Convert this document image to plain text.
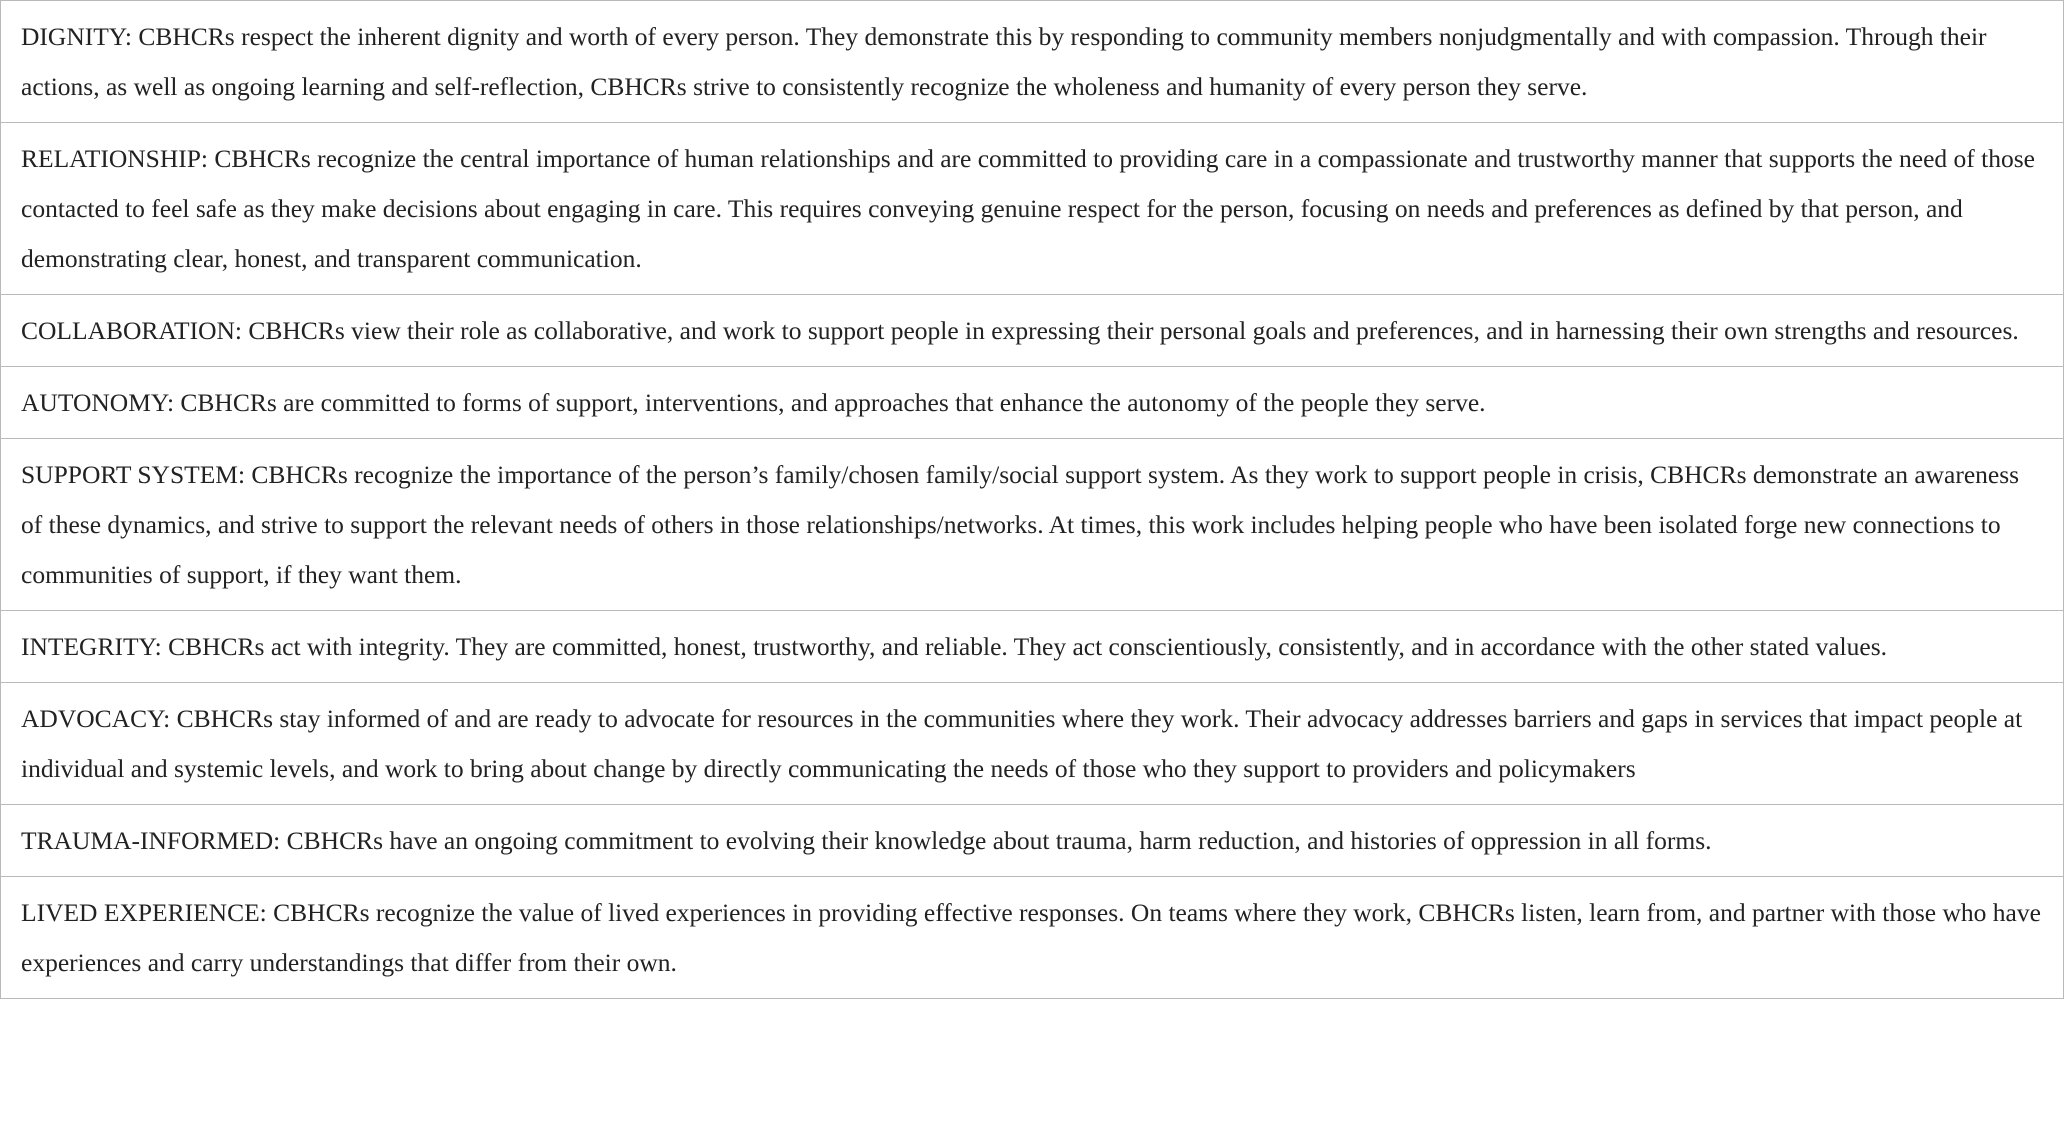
DIGNITY: CBHCRs respect the inherent dignity and worth of every person. They demonstrate this by responding to community members nonjudgmentally and with compassion. Through their actions, as well as ongoing learning and self-reflection, CBHCRs strive to consistently recognize the wholeness and humanity of every person they serve.
RELATIONSHIP: CBHCRs recognize the central importance of human relationships and are committed to providing care in a compassionate and trustworthy manner that supports the need of those contacted to feel safe as they make decisions about engaging in care. This requires conveying genuine respect for the person, focusing on needs and preferences as defined by that person, and demonstrating clear, honest, and transparent communication.
COLLABORATION: CBHCRs view their role as collaborative, and work to support people in expressing their personal goals and preferences, and in harnessing their own strengths and resources.
AUTONOMY: CBHCRs are committed to forms of support, interventions, and approaches that enhance the autonomy of the people they serve.
SUPPORT SYSTEM: CBHCRs recognize the importance of the person’s family/chosen family/social support system. As they work to support people in crisis, CBHCRs demonstrate an awareness of these dynamics, and strive to support the relevant needs of others in those relationships/networks. At times, this work includes helping people who have been isolated forge new connections to communities of support, if they want them.
INTEGRITY: CBHCRs act with integrity. They are committed, honest, trustworthy, and reliable. They act conscientiously, consistently, and in accordance with the other stated values.
ADVOCACY: CBHCRs stay informed of and are ready to advocate for resources in the communities where they work. Their advocacy addresses barriers and gaps in services that impact people at individual and systemic levels, and work to bring about change by directly communicating the needs of those who they support to providers and policymakers
TRAUMA-INFORMED: CBHCRs have an ongoing commitment to evolving their knowledge about trauma, harm reduction, and histories of oppression in all forms.
LIVED EXPERIENCE: CBHCRs recognize the value of lived experiences in providing effective responses. On teams where they work, CBHCRs listen, learn from, and partner with those who have experiences and carry understandings that differ from their own.
